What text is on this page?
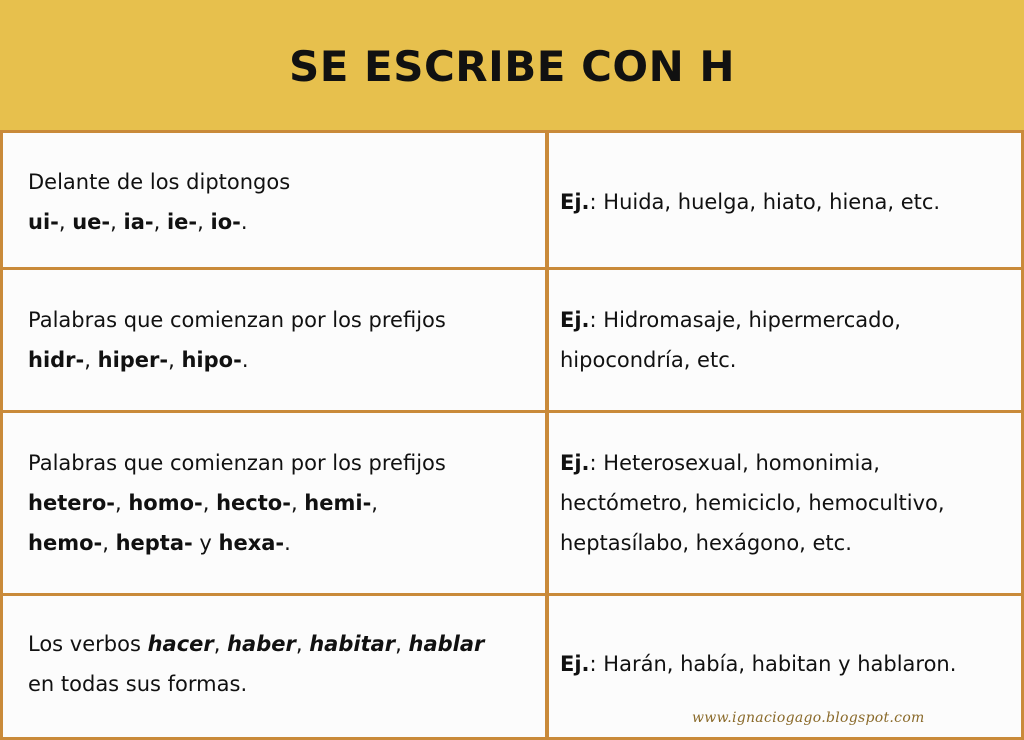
SE ESCRIBE CON H
Delante de los diptongos
ui-, ue-, ia-, ie-, io-.
Ej.: Huida, huelga, hiato, hiena, etc.
Palabras que comienzan por los prefijos
hidr-, hiper-, hipo-.
Ej.: Hidromasaje, hipermercado,
hipocondría, etc.
Palabras que comienzan por los prefijos
hetero-, homo-, hecto-, hemi-,
hemo-, hepta- y hexa-.
Ej.: Heterosexual, homonimia,
hectómetro, hemiciclo, hemocultivo,
heptasílabo, hexágono, etc.
Los verbos hacer, haber, habitar, hablar
en todas sus formas.
Ej.: Harán, había, habitan y hablaron.
www.ignaciogago.blogspot.com
